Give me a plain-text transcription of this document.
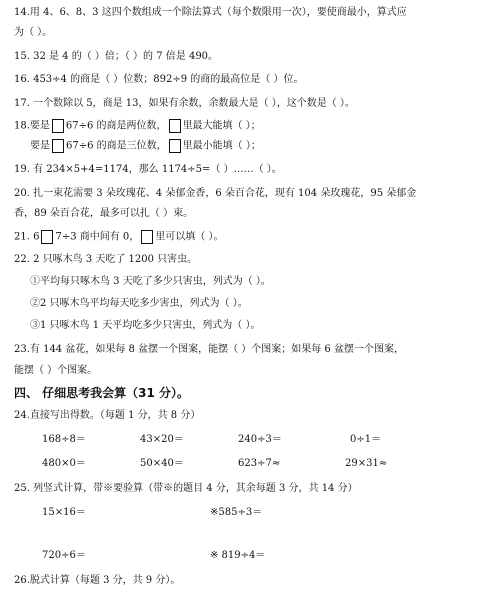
14.用 4、6、8、3 这四个数组成一个除法算式（每个数限用一次），要使商最小，算式应
为（ ）。
15. 32 是 4 的（ ）倍；（ ）的 7 倍是 490。
16. 453÷4 的商是（ ）位数；892÷9 的商的最高位是（ ）位。
17. 一个数除以 5，商是 13，如果有余数，余数最大是（ ），这个数是（ ）。
18.要是 67÷6 的商是两位数， 里最大能填（ ）；
要是 67÷6 的商是三位数， 里最小能填（ ）；
19. 有 234×5+4=1174，那么 1174÷5=（ ）……（ ）。
20. 扎一束花需要 3 朵玫瑰花、4 朵郁金香，6 朵百合花，现有 104 朵玫瑰花，95 朵郁金
香，89 朵百合花，最多可以扎（ ）束。
21. 6 7÷3 商中间有 0， 里可以填（ ）。
22. 2 只啄木鸟 3 天吃了 1200 只害虫。
①平均每只啄木鸟 3 天吃了多少只害虫，列式为（ ）。
②2 只啄木鸟平均每天吃多少害虫，列式为（ ）。
③1 只啄木鸟 1 天平均吃多少只害虫，列式为（ ）。
23.有 144 盆花，如果每 8 盆摆一个图案，能摆（ ）个图案；如果每 6 盆摆一个图案，
能摆（ ）个图案。
四、 仔细思考我会算（31 分）。
24.直接写出得数。（每题 1 分，共 8 分）
168÷8＝	43×20＝	240÷3＝	0÷1＝
480×0＝	50×40＝	623÷7≈	29×31≈
25. 列竖式计算，带※要验算（带※的题目 4 分，其余每题 3 分，共 14 分）
15×16＝	※585÷3＝
720÷6＝	※ 819÷4＝
26.脱式计算（每题 3 分，共 9 分）。
